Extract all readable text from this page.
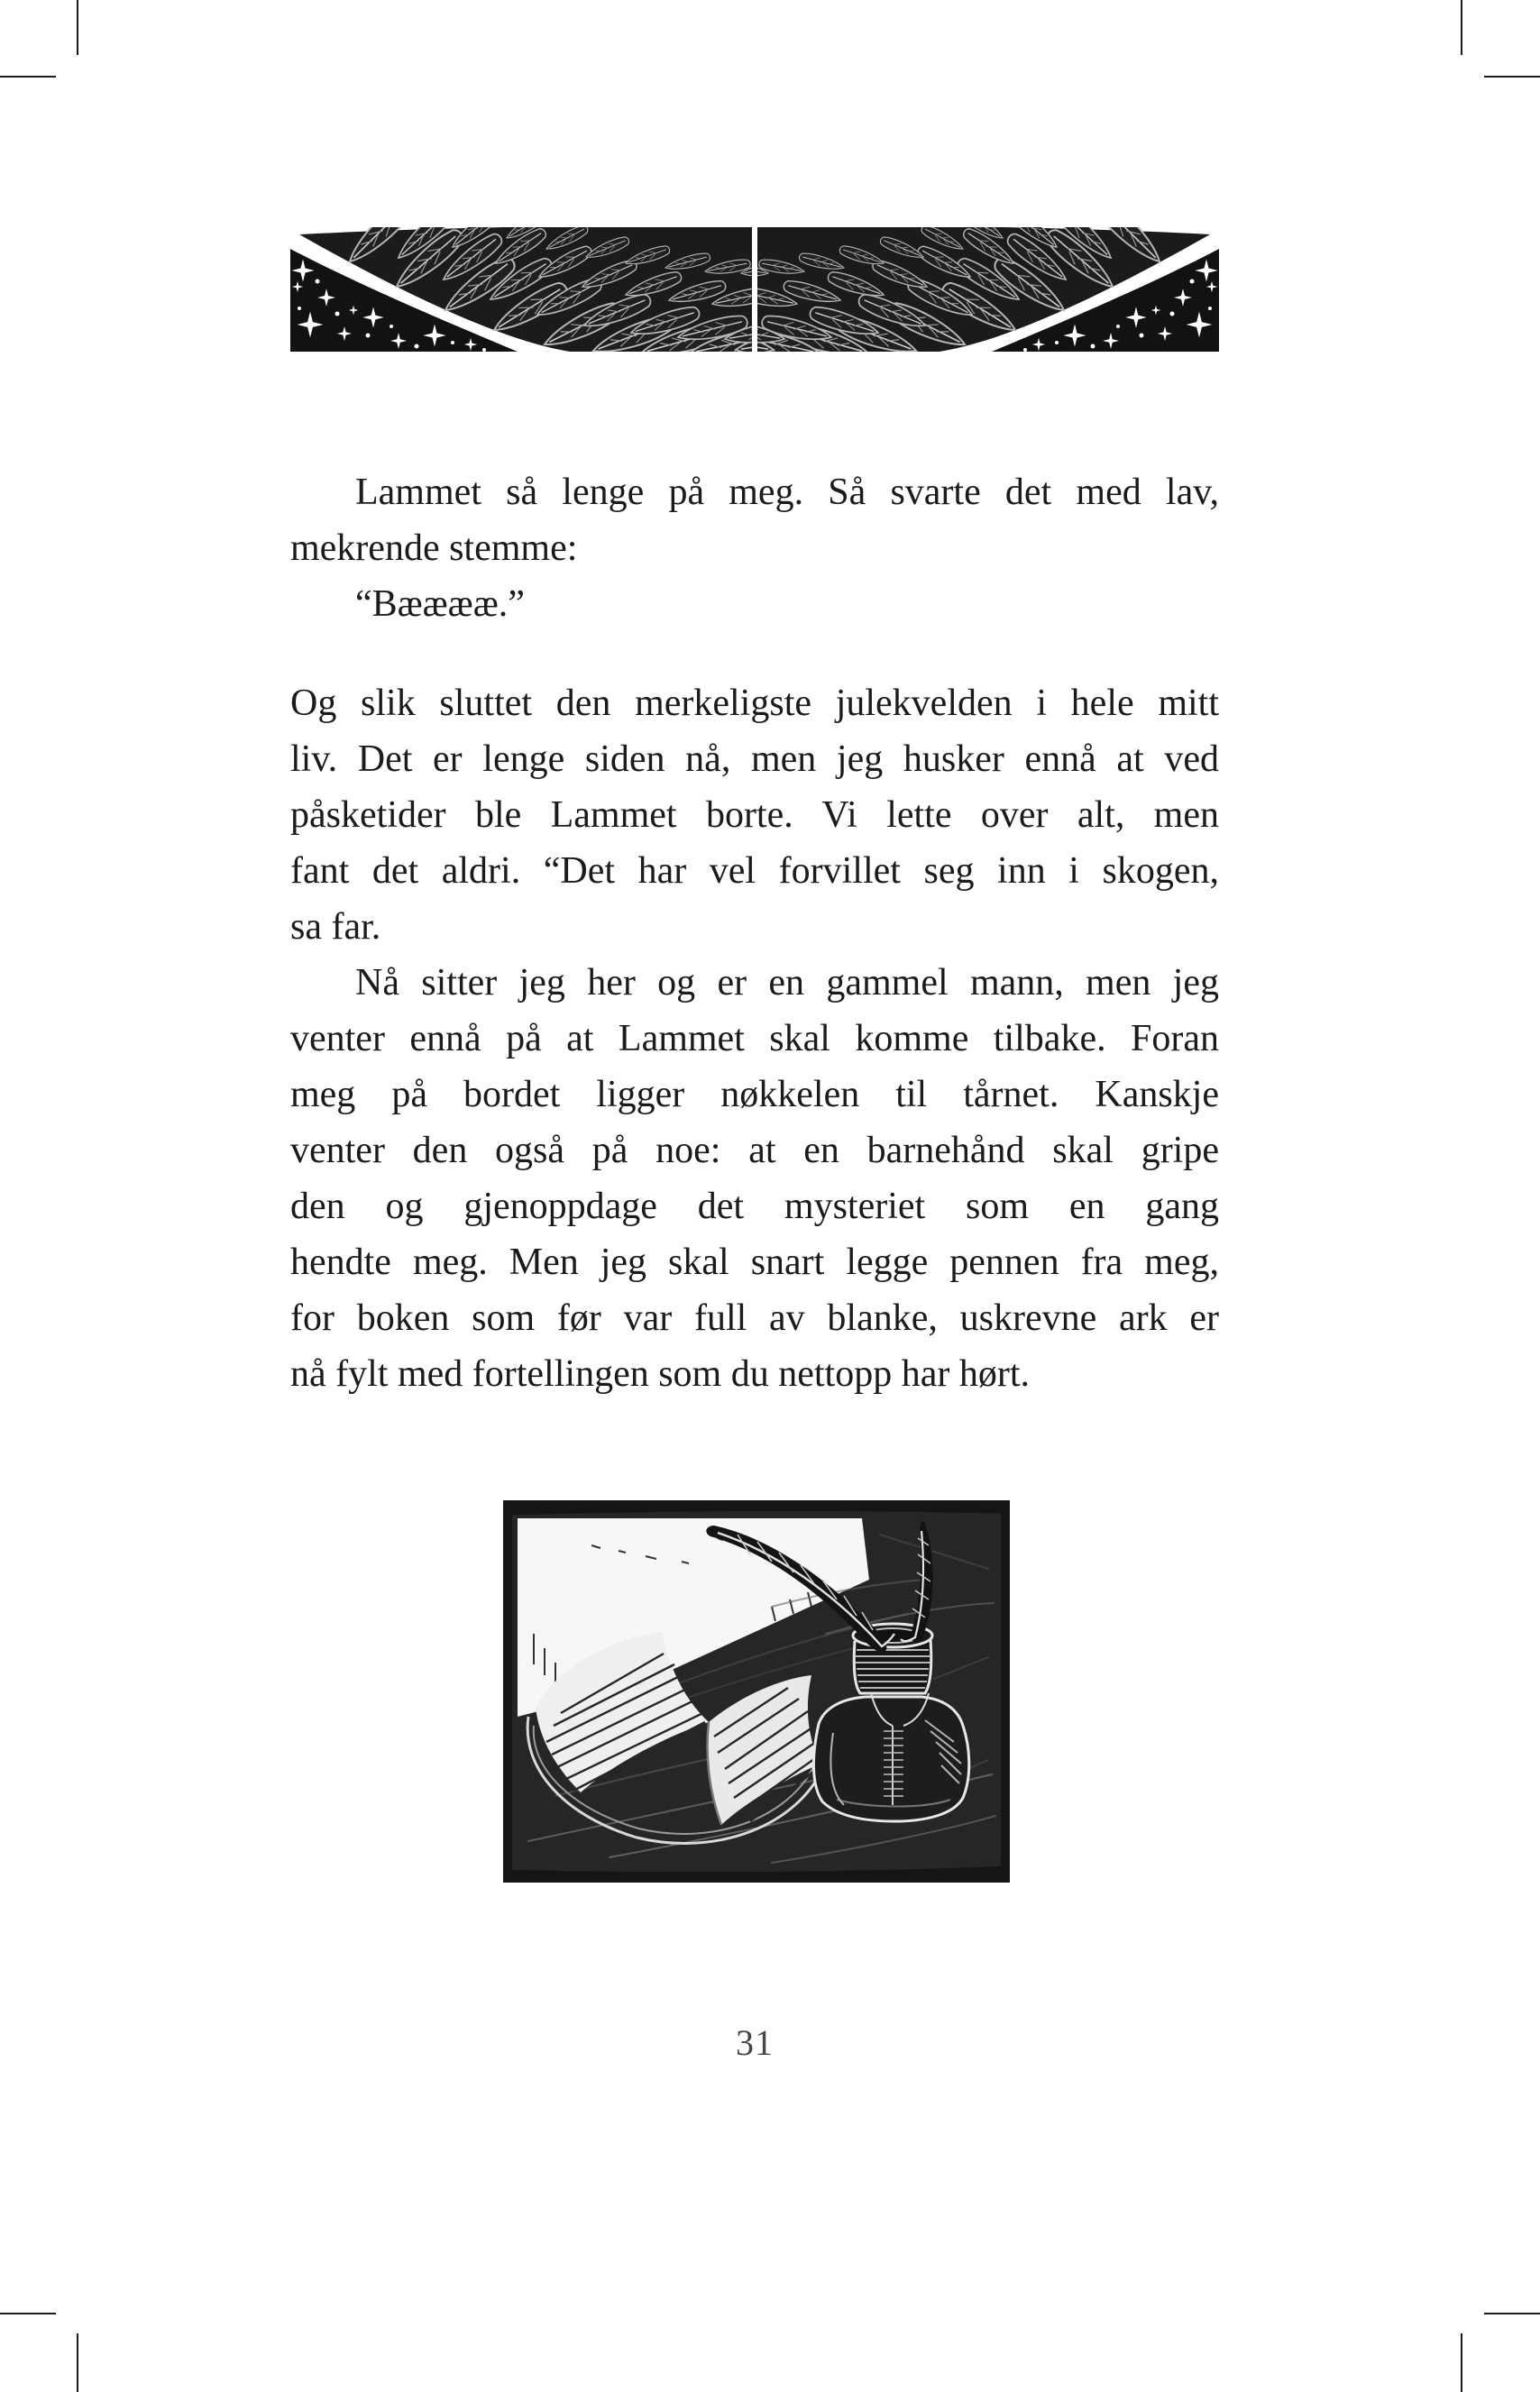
Lammet så lenge på meg. Så svarte det med lav,
mekrende stemme:
“Bææææ.”
Og slik sluttet den merkeligste julekvelden i hele mitt
liv. Det er lenge siden nå, men jeg husker ennå at ved
påsketider ble Lammet borte. Vi lette over alt, men
fant det aldri. “Det har vel forvillet seg inn i skogen,
sa far.
Nå sitter jeg her og er en gammel mann, men jeg
venter ennå på at Lammet skal komme tilbake. Foran
meg på bordet ligger nøkkelen til tårnet. Kanskje
venter den også på noe: at en barnehånd skal gripe
den og gjenoppdage det mysteriet som en gang
hendte meg. Men jeg skal snart legge pennen fra meg,
for boken som før var full av blanke, uskrevne ark er
nå fylt med fortellingen som du nettopp har hørt.
31
